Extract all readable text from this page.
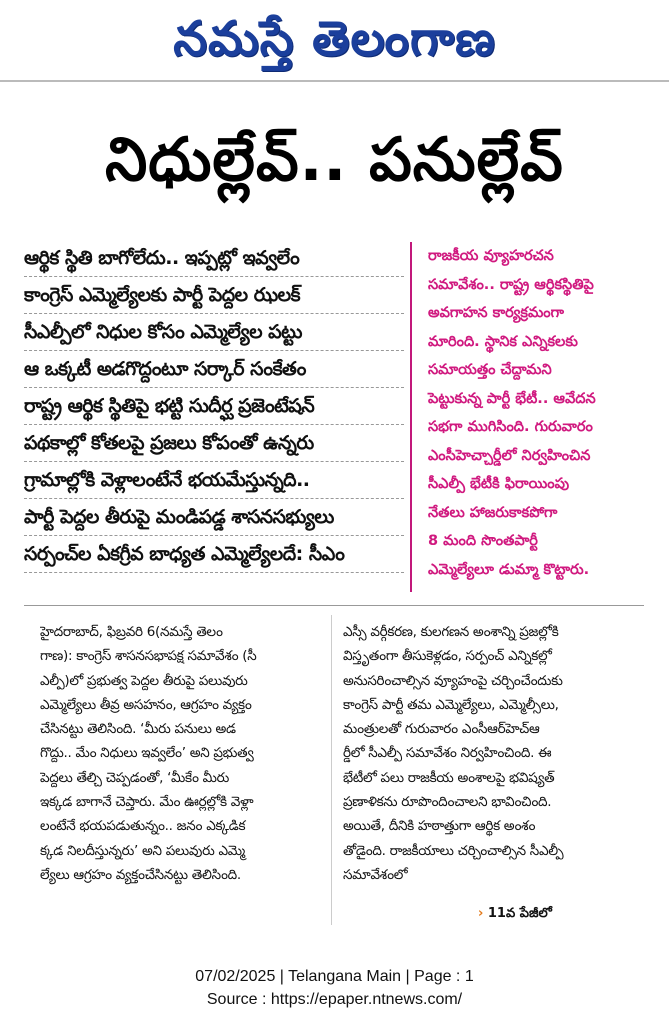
నమస్తే తెలంగాణ
నిధుల్లేవ్‌.. పనుల్లేవ్‌
ఆర్థిక స్థితి బాగోలేదు.. ఇప్పట్లో ఇవ్వలేం
కాంగ్రెస్‌ ఎమ్మెల్యేలకు పార్టీ పెద్దల ఝలక్‌
సీఎల్పీలో నిధుల కోసం ఎమ్మెల్యేల పట్టు
ఆ ఒక్కటీ అడగొద్దంటూ సర్కార్‌ సంకేతం
రాష్ట్ర ఆర్థిక స్థితిపై భట్టి సుదీర్ఘ ప్రజెంటేషన్‌
పథకాల్లో కోతలపై ప్రజలు కోపంతో ఉన్నరు
గ్రామాల్లోకి వెళ్లాలంటేనే భయమేస్తున్నది..
పార్టీ పెద్దల తీరుపై మండిపడ్డ శాసనసభ్యులు
సర్పంచ్‌ల ఏకగ్రీవ బాధ్యత ఎమ్మెల్యేలదే: సీఎం
రాజకీయ వ్యూహరచన
సమావేశం.. రాష్ట్ర ఆర్థికస్థితిపై
అవగాహన కార్యక్రమంగా
మారింది. స్థానిక ఎన్నికలకు
సమాయత్తం చేద్దామని
పెట్టుకున్న పార్టీ భేటీ.. ఆవేదన
సభగా ముగిసింది. గురువారం
ఎంసీహెచ్చార్డీలో నిర్వహించిన
సీఎల్పీ భేటీకి ఫిరాయింపు
నేతలు హాజరుకాకపోగా
8 మంది సొంతపార్టీ
ఎమ్మెల్యేలూ డుమ్మా కొట్టారు.
హైదరాబాద్‌, ఫిబ్రవరి 6(నమస్తే తెలం
గాణ): కాంగ్రెస్‌ శాసనసభాపక్ష సమావేశం (సీ
ఎల్పీ)లో ప్రభుత్వ పెద్దల తీరుపై పలువురు
ఎమ్మెల్యేలు తీవ్ర అసహనం, ఆగ్రహం వ్యక్తం
చేసినట్టు తెలిసింది. ‘మీరు పనులు అడ
గొద్దు.. మేం నిధులు ఇవ్వలేం’ అని ప్రభుత్వ
పెద్దలు తేల్చి చెప్పడంతో, ‘మీకేం మీరు
ఇక్కడ బాగానే చెప్తారు. మేం ఊర్లల్లోకి వెళ్లా
లంటేనే భయపడుతున్నం.. జనం ఎక్కడిక
క్కడ నిలదీస్తున్నరు’ అని పలువురు ఎమ్మె
ల్యేలు ఆగ్రహం వ్యక్తంచేసినట్టు తెలిసింది.
ఎస్సీ వర్గీకరణ, కులగణన అంశాన్ని ప్రజల్లోకి
విస్తృతంగా తీసుకెళ్లడం, సర్పంచ్‌ ఎన్నికల్లో
అనుసరించాల్సిన వ్యూహంపై చర్చించేందుకు
కాంగ్రెస్‌ పార్టీ తమ ఎమ్మెల్యేలు, ఎమ్మెల్సీలు,
మంత్రులతో గురువారం ఎంసీఆర్‌హెచ్‌ఆ
ర్డీలో సీఎల్పీ సమావేశం నిర్వహించింది. ఈ
భేటీలో పలు రాజకీయ అంశాలపై భవిష్యత్‌
ప్రణాళికను రూపొందించాలని భావించింది.
అయితే, దీనికి హఠాత్తుగా ఆర్థిక అంశం
తోడైంది. రాజకీయాలు చర్చించాల్సిన సీఎల్పీ
సమావేశంలో
› 11వ పేజీలో
07/02/2025 | Telangana Main | Page : 1
Source : https://epaper.ntnews.com/
